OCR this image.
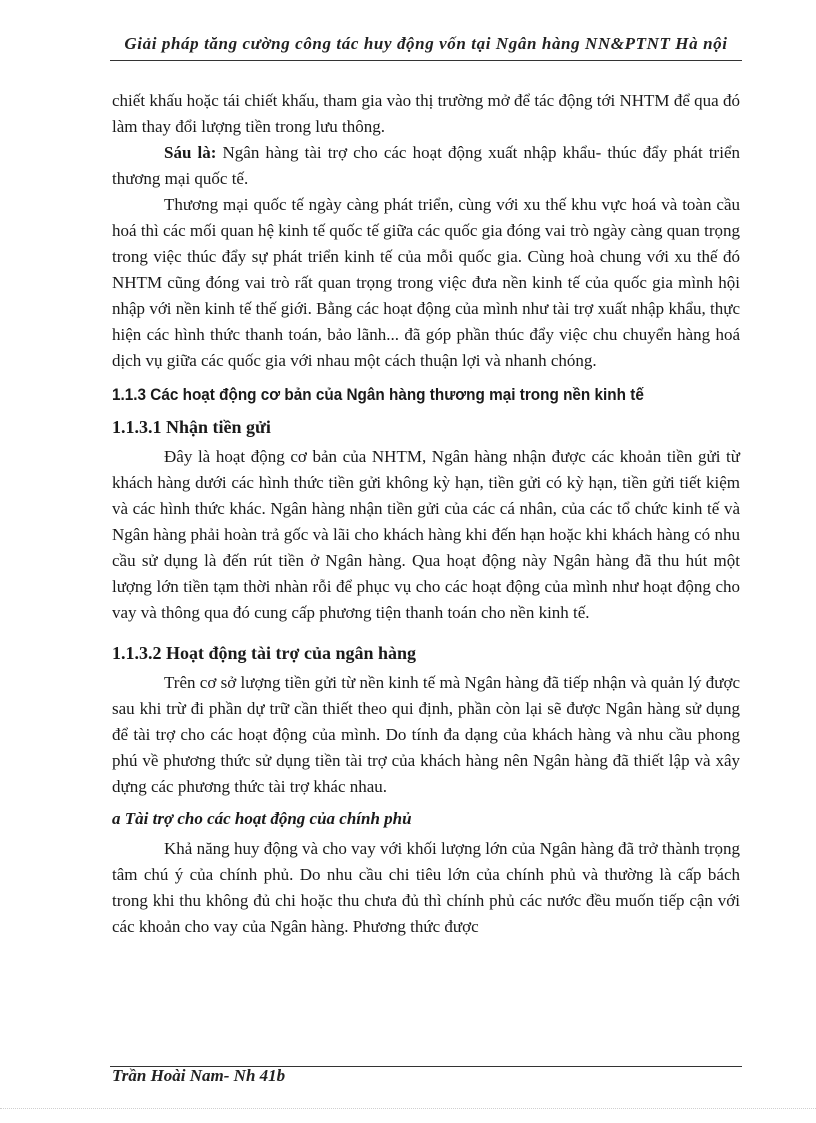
Giải pháp tăng cường công tác huy động vốn tại Ngân hàng NN&PTNT Hà nội

chiết khấu hoặc tái chiết khấu, tham gia vào thị trường mở để tác động tới NHTM để qua đó làm thay đổi lượng tiền trong lưu thông.

Sáu là: Ngân hàng tài trợ cho các hoạt động xuất nhập khẩu- thúc đẩy phát triển thương mại quốc tế.

Thương mại quốc tế ngày càng phát triển, cùng với xu thế khu vực hoá và toàn cầu hoá thì các mối quan hệ kinh tế quốc tế giữa các quốc gia đóng vai trò ngày càng quan trọng trong việc thúc đẩy sự phát triển kinh tế của mỗi quốc gia. Cùng hoà chung với xu thế đó NHTM cũng đóng vai trò rất quan trọng trong việc đưa nền kinh tế của quốc gia mình hội nhập với nền kinh tế thế giới. Bằng các hoạt động của mình như tài trợ xuất nhập khẩu, thực hiện các hình thức thanh toán, bảo lãnh... đã góp phần thúc đẩy việc chu chuyển hàng hoá dịch vụ giữa các quốc gia với nhau một cách thuận lợi và nhanh chóng.

1.1.3 Các hoạt động cơ bản của Ngân hàng thương mại trong nền kinh tế
1.1.3.1 Nhận tiền gửi

Đây là hoạt động cơ bản của NHTM, Ngân hàng nhận được các khoản tiền gửi từ khách hàng dưới các hình thức tiền gửi không kỳ hạn, tiền gửi có kỳ hạn, tiền gửi tiết kiệm và các hình thức khác. Ngân hàng nhận tiền gửi của các cá nhân, của các tổ chức kinh tế và Ngân hàng phải hoàn trả gốc và lãi cho khách hàng khi đến hạn hoặc khi khách hàng có nhu cầu sử dụng là đến rút tiền ở Ngân hàng. Qua hoạt động này Ngân hàng đã thu hút một lượng lớn tiền tạm thời nhàn rỗi để phục vụ cho các hoạt động của mình như hoạt động cho vay và thông qua đó cung cấp phương tiện thanh toán cho nền kinh tế.

1.1.3.2 Hoạt động tài trợ của ngân hàng

Trên cơ sở lượng tiền gửi từ nền kinh tế mà Ngân hàng đã tiếp nhận và quản lý được sau khi trừ đi phần dự trữ cần thiết theo qui định, phần còn lại sẽ được Ngân hàng sử dụng để tài trợ cho các hoạt động của mình. Do tính đa dạng của khách hàng và nhu cầu phong phú về phương thức sử dụng tiền tài trợ của khách hàng nên Ngân hàng đã thiết lập và xây dựng các phương thức tài trợ khác nhau.

a Tài trợ cho các hoạt động của chính phủ

Khả năng huy động và cho vay với khối lượng lớn của Ngân hàng đã trở thành trọng tâm chú ý của chính phủ. Do nhu cầu chi tiêu lớn của chính phủ và thường là cấp bách trong khi thu không đủ chi hoặc thu chưa đủ thì chính phủ các nước đều muốn tiếp cận với các khoản cho vay của Ngân hàng. Phương thức được

Trần Hoài Nam- Nh 41b
